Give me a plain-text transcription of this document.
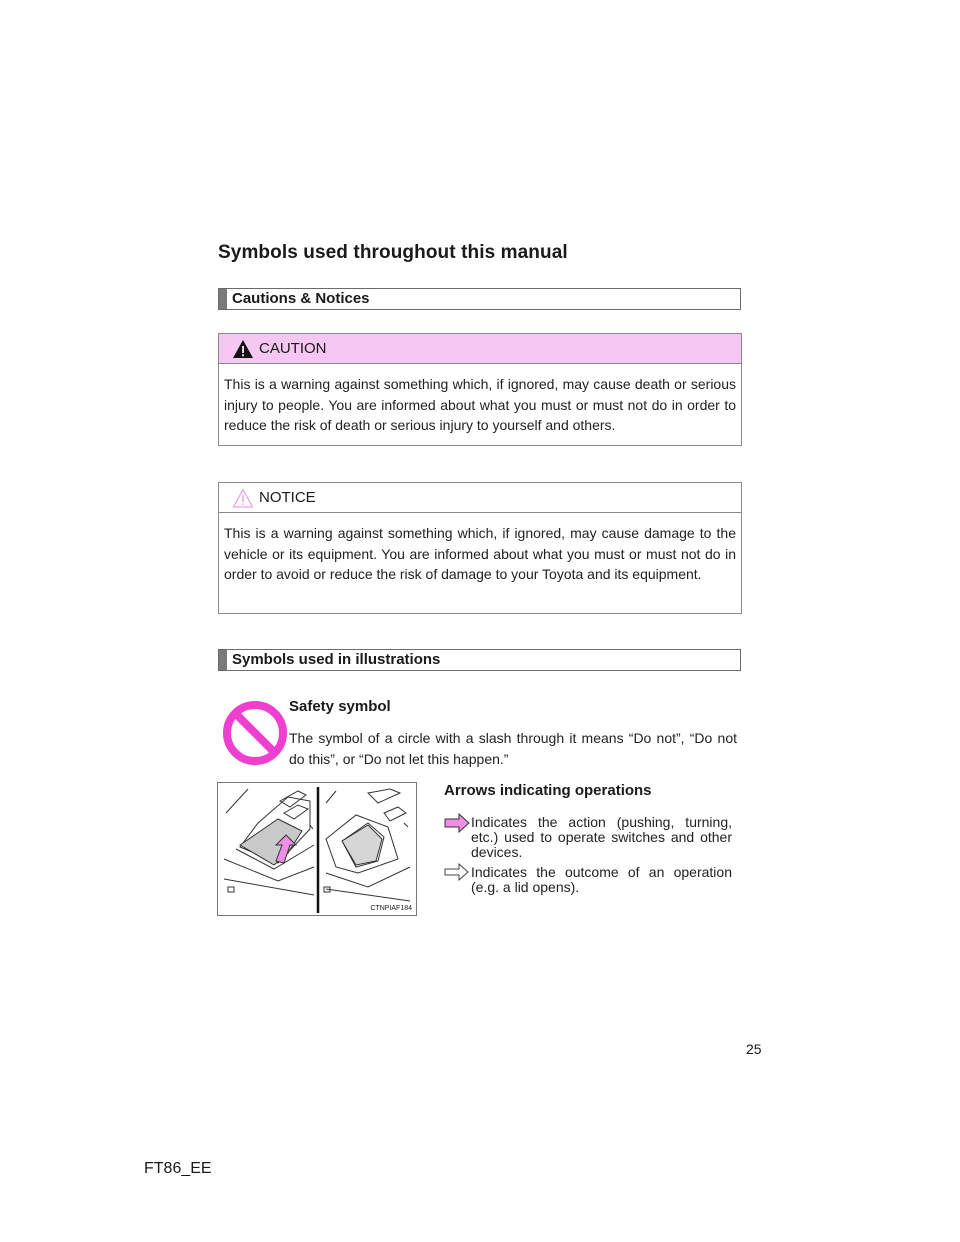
Symbols used throughout this manual
Cautions & Notices
CAUTION
This is a warning against something which, if ignored, may cause death or serious injury to people. You are informed about what you must or must not do in order to reduce the risk of death or serious injury to yourself and others.
NOTICE
This is a warning against something which, if ignored, may cause damage to the vehicle or its equipment. You are informed about what you must or must not do in order to avoid or reduce the risk of damage to your Toyota and its equipment.
Symbols used in illustrations
Safety symbol
The symbol of a circle with a slash through it means “Do not”, “Do not do this”, or “Do not let this happen.”
CTNPIAF184
Arrows indicating operations
Indicates the action (pushing, turning, etc.) used to operate switches and other devices.
Indicates the outcome of an operation (e.g. a lid opens).
25
FT86_EE
